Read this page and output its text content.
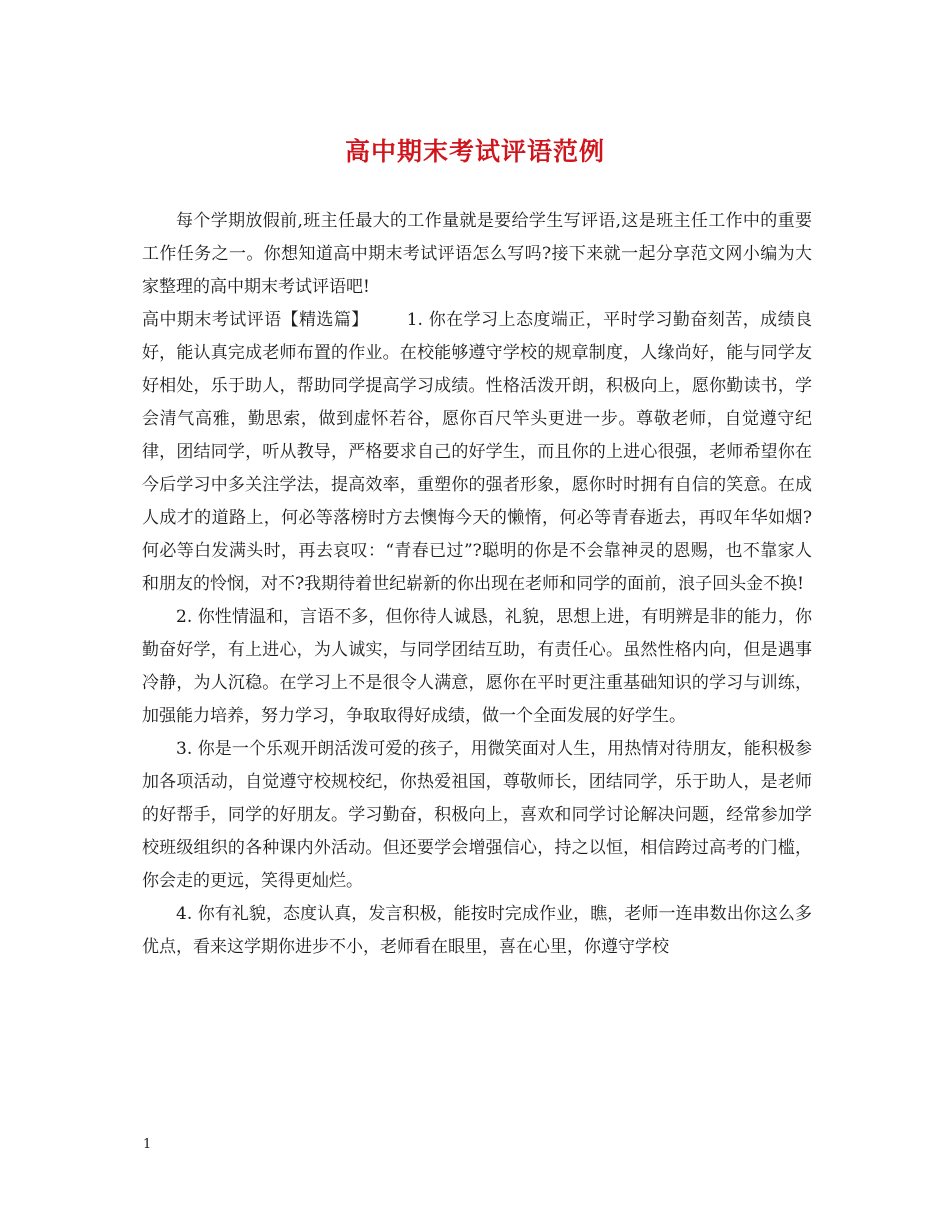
高中期末考试评语范例

每个学期放假前,班主任最大的工作量就是要给学生写评语,这是班主任工作中的重要工作任务之一。你想知道高中期末考试评语怎么写吗?接下来就一起分享范文网小编为大家整理的高中期末考试评语吧!

高中期末考试评语【精选篇】 1. 你在学习上态度端正，平时学习勤奋刻苦，成绩良好，能认真完成老师布置的作业。在校能够遵守学校的规章制度，人缘尚好，能与同学友好相处，乐于助人，帮助同学提高学习成绩。性格活泼开朗，积极向上，愿你勤读书，学会清气高雅，勤思索，做到虚怀若谷，愿你百尺竿头更进一步。尊敬老师，自觉遵守纪律，团结同学，听从教导，严格要求自己的好学生，而且你的上进心很强，老师希望你在今后学习中多关注学法，提高效率，重塑你的强者形象，愿你时时拥有自信的笑意。在成人成才的道路上，何必等落榜时方去懊悔今天的懒惰，何必等青春逝去，再叹年华如烟?何必等白发满头时，再去哀叹：“青春已过”?聪明的你是不会靠神灵的恩赐，也不靠家人和朋友的怜悯，对不?我期待着世纪崭新的你出现在老师和同学的面前，浪子回头金不换!

2. 你性情温和，言语不多，但你待人诚恳，礼貌，思想上进，有明辨是非的能力，你勤奋好学，有上进心，为人诚实，与同学团结互助，有责任心。虽然性格内向，但是遇事冷静，为人沉稳。在学习上不是很令人满意，愿你在平时更注重基础知识的学习与训练，加强能力培养，努力学习，争取取得好成绩，做一个全面发展的好学生。

3. 你是一个乐观开朗活泼可爱的孩子，用微笑面对人生，用热情对待朋友，能积极参加各项活动，自觉遵守校规校纪，你热爱祖国，尊敬师长，团结同学，乐于助人，是老师的好帮手，同学的好朋友。学习勤奋，积极向上，喜欢和同学讨论解决问题，经常参加学校班级组织的各种课内外活动。但还要学会增强信心，持之以恒，相信跨过高考的门槛，你会走的更远，笑得更灿烂。

4. 你有礼貌，态度认真，发言积极，能按时完成作业，瞧，老师一连串数出你这么多优点，看来这学期你进步不小，老师看在眼里，喜在心里，你遵守学校

1
